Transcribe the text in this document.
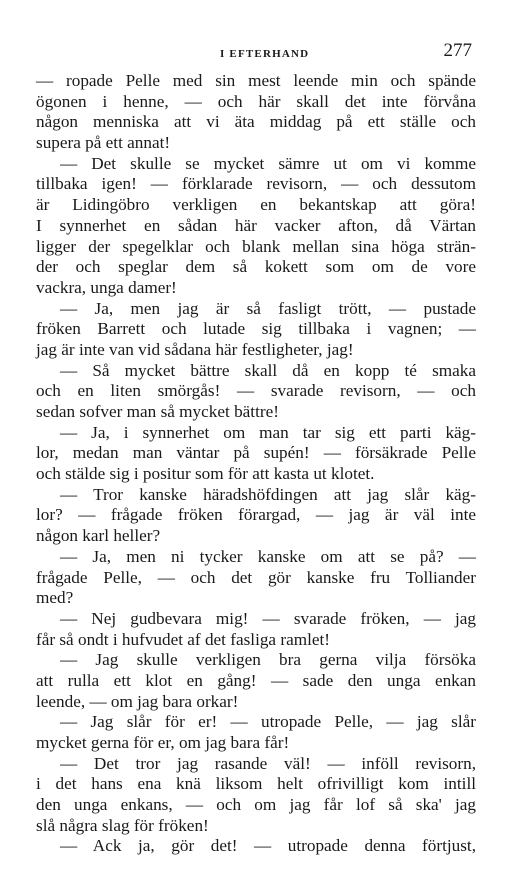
I EFTERHAND	277
— ropade Pelle med sin mest leende min och spände
ögonen i henne, — och här skall det inte förvåna
någon menniska att vi äta middag på ett ställe och
supera på ett annat!
— Det skulle se mycket sämre ut om vi komme
tillbaka igen! — förklarade revisorn, — och dessutom
är Lidingöbro verkligen en bekantskap att göra!
I synnerhet en sådan här vacker afton, då Värtan
ligger der spegelklar och blank mellan sina höga strän-
der och speglar dem så kokett som om de vore
vackra, unga damer!
— Ja, men jag är så fasligt trött, — pustade
fröken Barrett och lutade sig tillbaka i vagnen; —
jag är inte van vid sådana här festligheter, jag!
— Så mycket bättre skall då en kopp té smaka
och en liten smörgås! — svarade revisorn, — och
sedan sofver man så mycket bättre!
— Ja, i synnerhet om man tar sig ett parti käg-
lor, medan man väntar på supén! — försäkrade Pelle
och stälde sig i positur som för att kasta ut klotet.
— Tror kanske häradshöfdingen att jag slår käg-
lor? — frågade fröken förargad, — jag är väl inte
någon karl heller?
— Ja, men ni tycker kanske om att se på? —
frågade Pelle, — och det gör kanske fru Tolliander
med?
— Nej gudbevara mig! — svarade fröken, — jag
får så ondt i hufvudet af det fasliga ramlet!
— Jag skulle verkligen bra gerna vilja försöka
att rulla ett klot en gång! — sade den unga enkan
leende, — om jag bara orkar!
— Jag slår för er! — utropade Pelle, — jag slår
mycket gerna för er, om jag bara får!
— Det tror jag rasande väl! — inföll revisorn,
i det hans ena knä liksom helt ofrivilligt kom intill
den unga enkans, — och om jag får lof så ska' jag
slå några slag för fröken!
— Ack ja, gör det! — utropade denna förtjust,
